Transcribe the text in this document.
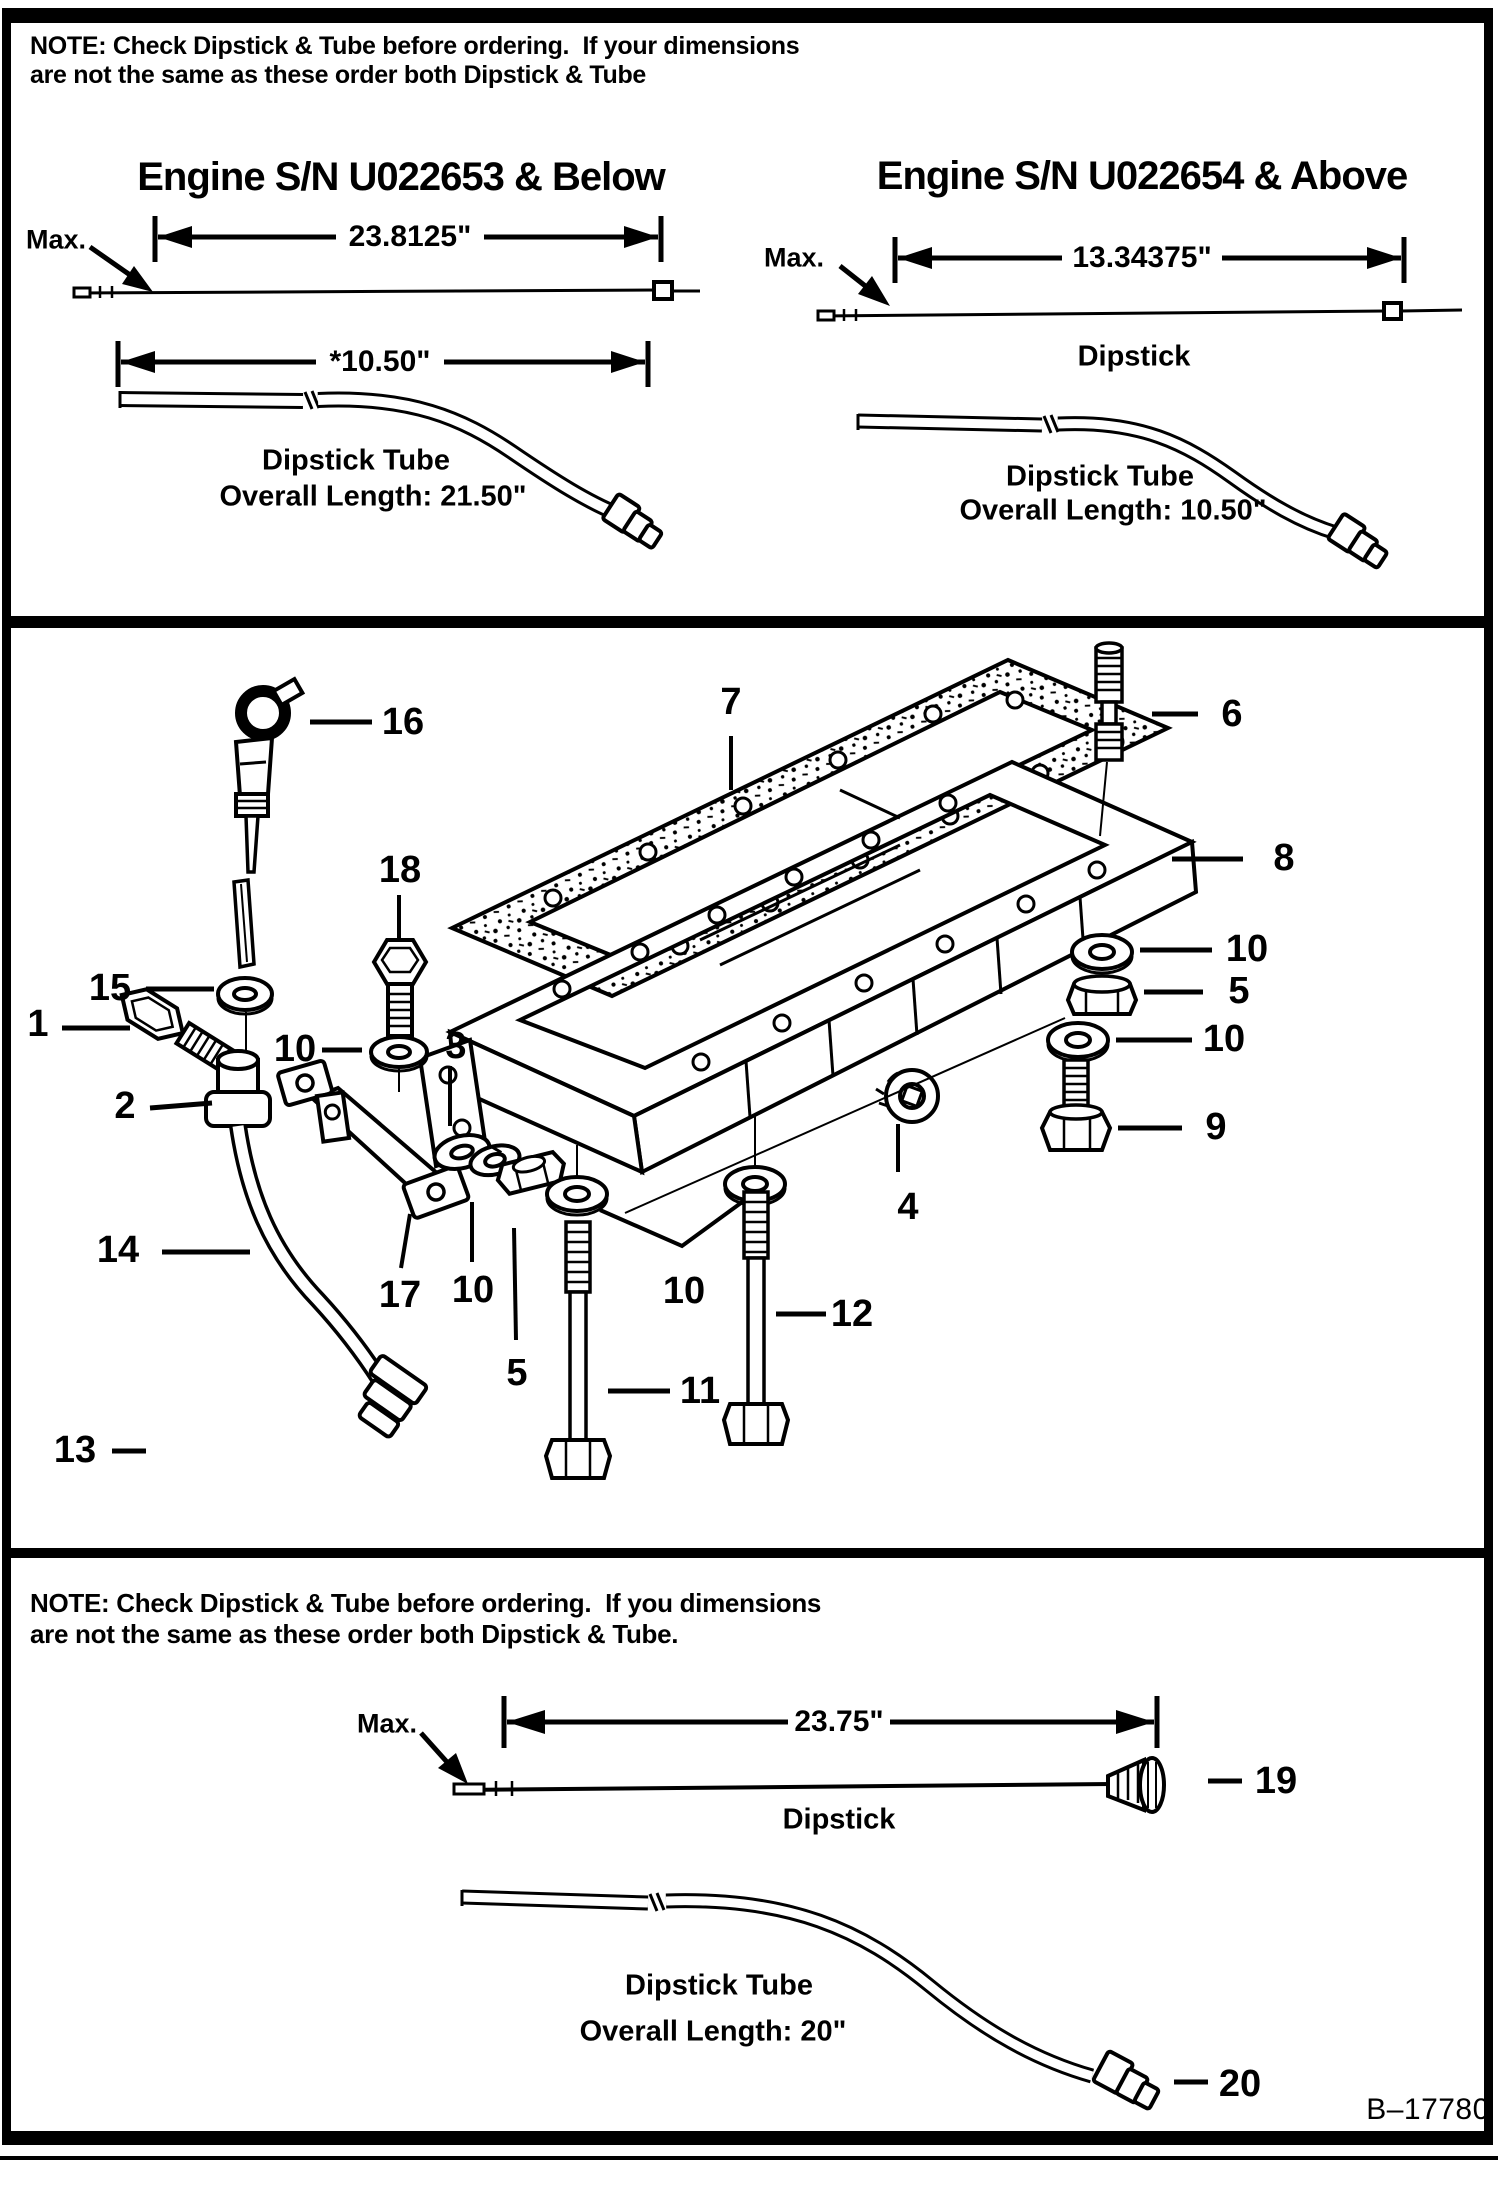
NOTE: Check Dipstick & Tube before ordering.  If your dimensions
are not the same as these order both Dipstick & Tube
Engine S/N U022653 & Below	Engine S/N U022654 & Above
Max.	23.8125"
*10.50"
Dipstick Tube
Overall Length: 21.50"
Max.	13.34375"
Dipstick
Dipstick Tube
Overall Length: 10.50"
16	7	6
18	8
15
1
10	3
10
5
10
9
2
14
17 10	10
5	11
12
4
13
NOTE: Check Dipstick & Tube before ordering.  If you dimensions
are not the same as these order both Dipstick & Tube.
Max.	23.75"
Dipstick
Dipstick Tube
Overall Length: 20"
19
20
B–17780
